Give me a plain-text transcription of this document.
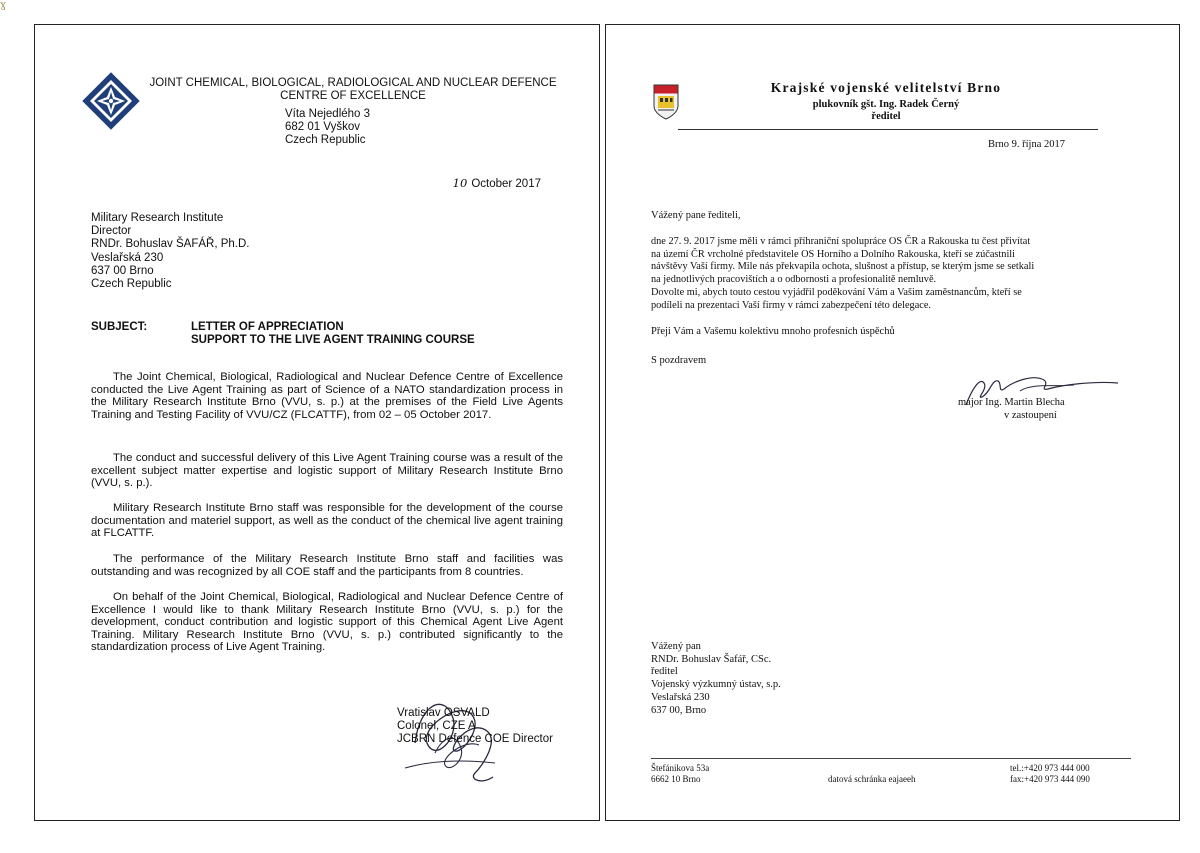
ɣ
JOINT CHEMICAL, BIOLOGICAL, RADIOLOGICAL AND NUCLEAR DEFENCE
CENTRE OF EXCELLENCE
Víta Nejedlého 3
682 01 Vyškov
Czech Republic
10 October 2017
Military Research Institute
Director
RNDr. Bohuslav ŠAFÁŘ, Ph.D.
Veslařská 230
637 00 Brno
Czech Republic
SUBJECT:	LETTER OF APPRECIATION
SUPPORT TO THE LIVE AGENT TRAINING COURSE
The Joint Chemical, Biological, Radiological and Nuclear Defence Centre of Excellence conducted the Live Agent Training as part of Science of a NATO standardization process in the Military Research Institute Brno (VVU, s. p.) at the premises of the Field Live Agents Training and Testing Facility of VVU/CZ (FLCATTF), from 02 – 05 October 2017.
The conduct and successful delivery of this Live Agent Training course was a result of the excellent subject matter expertise and logistic support of Military Research Institute Brno (VVU, s. p.).
Military Research Institute Brno staff was responsible for the development of the course documentation and materiel support, as well as the conduct of the chemical live agent training at FLCATTF.
The performance of the Military Research Institute Brno staff and facilities was outstanding and was recognized by all COE staff and the participants from 8 countries.
On behalf of the Joint Chemical, Biological, Radiological and Nuclear Defence Centre of Excellence I would like to thank Military Research Institute Brno (VVU, s. p.) for the development, conduct contribution and logistic support of this Chemical Agent Live Agent Training. Military Research Institute Brno (VVU, s. p.) contributed significantly to the standardization process of Live Agent Training.
Vratislav OSVALD
Colonel, CZE A
JCBRN Defence COE Director
Krajské vojenské velitelství Brno
plukovník gšt. Ing. Radek Černý
ředitel
Brno 9. října 2017
Vážený pane řediteli,
dne 27. 9. 2017 jsme měli v rámci příhraniční spolupráce OS ČR a Rakouska tu čest přivítat
na území ČR vrcholné představitele OS Horního a Dolního Rakouska, kteří se zúčastnili
návštěvy Vaší firmy. Mile nás překvapila ochota, slušnost a přístup, se kterým jsme se setkali
na jednotlivých pracovištích a o odbornosti a profesionalitě nemluvě.
Dovolte mi, abych touto cestou vyjádřil poděkování Vám a Vašim zaměstnancům, kteří se
podíleli na prezentaci Vaší firmy v rámci zabezpečení této delegace.
Přeji Vám a Vašemu kolektivu mnoho profesních úspěchů
S pozdravem
major Ing. Martin Blecha
v zastoupení
Vážený pan
RNDr. Bohuslav Šafář, CSc.
ředitel
Vojenský výzkumný ústav, s.p.
Veslařská 230
637 00, Brno
Štefánikova 53a
6662 10 Brno	datová schránka eajaeeh
tel.:+420 973 444 000
fax:+420 973 444 090
